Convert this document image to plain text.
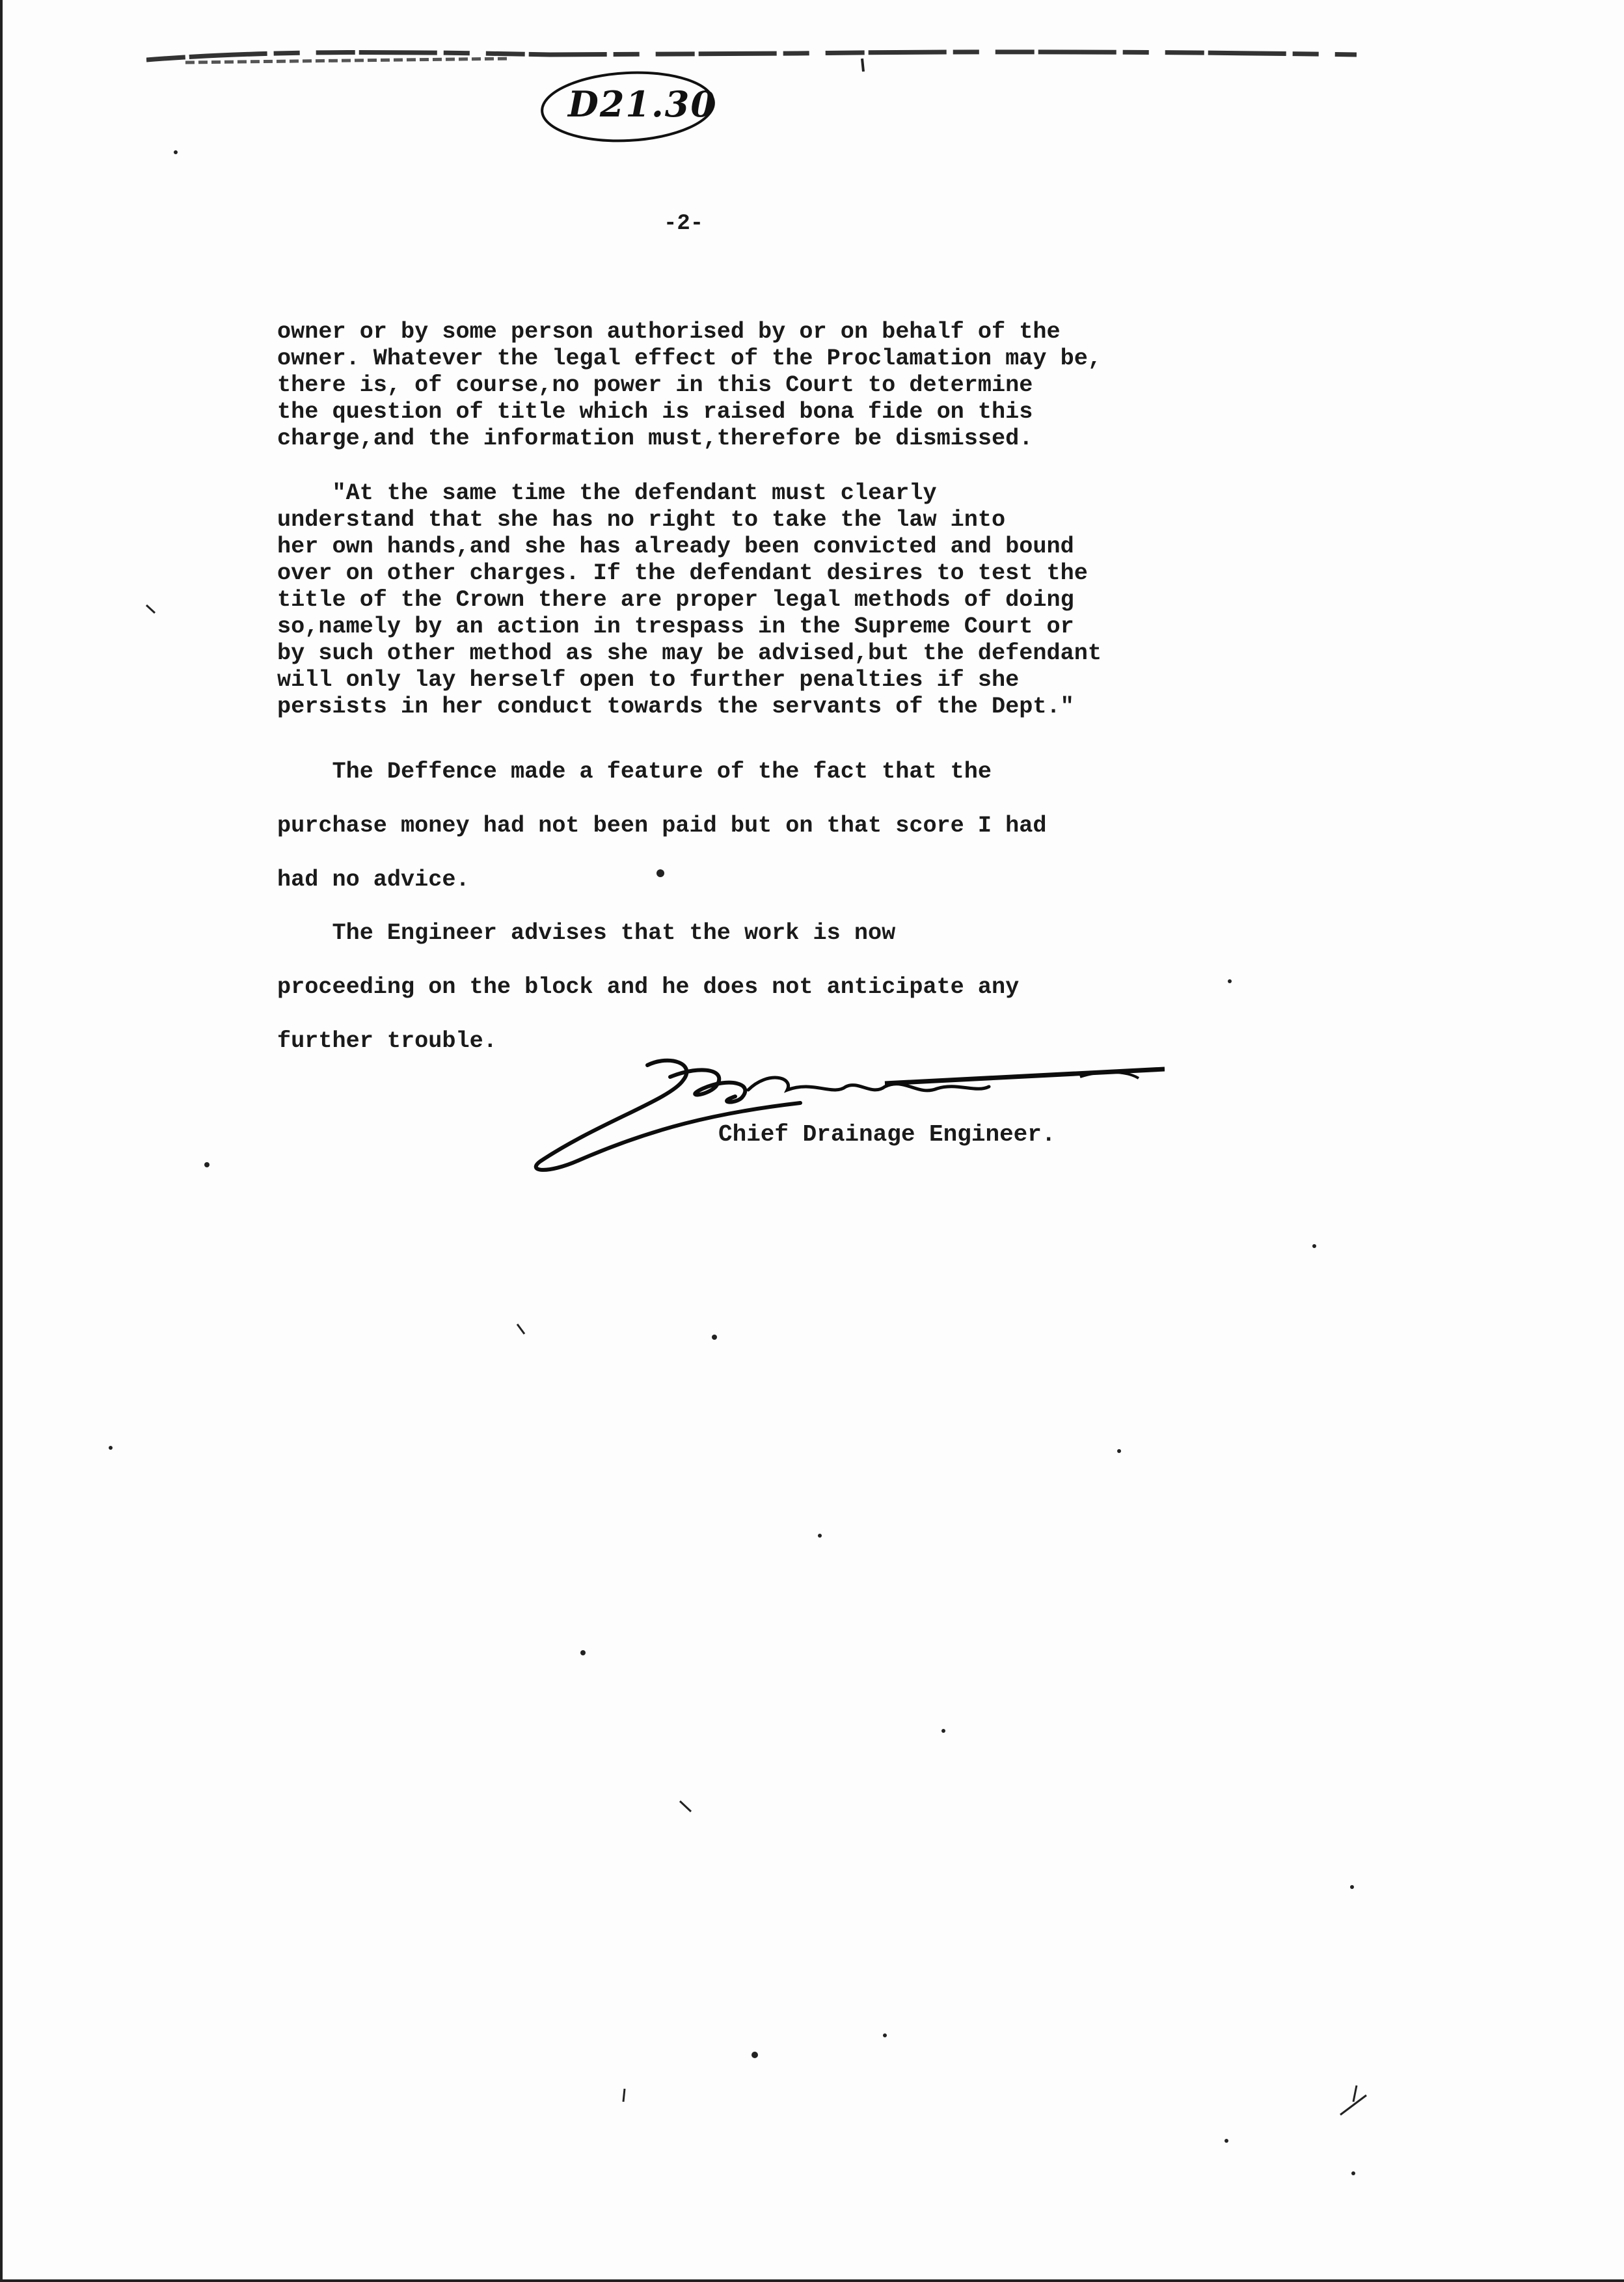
D21.30
-2-

owner or by some person authorised by or on behalf of the
owner. Whatever the legal effect of the Proclamation may be,
there is, of course,no power in this Court to determine
the question of title which is raised bona fide on this
charge,and the information must,therefore be dismissed.

"At the same time the defendant must clearly
understand that she has no right to take the law into
her own hands,and she has already been convicted and bound
over on other charges. If the defendant desires to test the
title of the Crown there are proper legal methods of doing
so,namely by an action in trespass in the Supreme Court or
by such other method as she may be advised,but the defendant
will only lay herself open to further penalties if she
persists in her conduct towards the servants of the Dept."

The Deffence made a feature of the fact that the
purchase money had not been paid but on that score I had
had no advice.

The Engineer advises that the work is now
proceeding on the block and he does not anticipate any
further trouble.

Chief Drainage Engineer.
